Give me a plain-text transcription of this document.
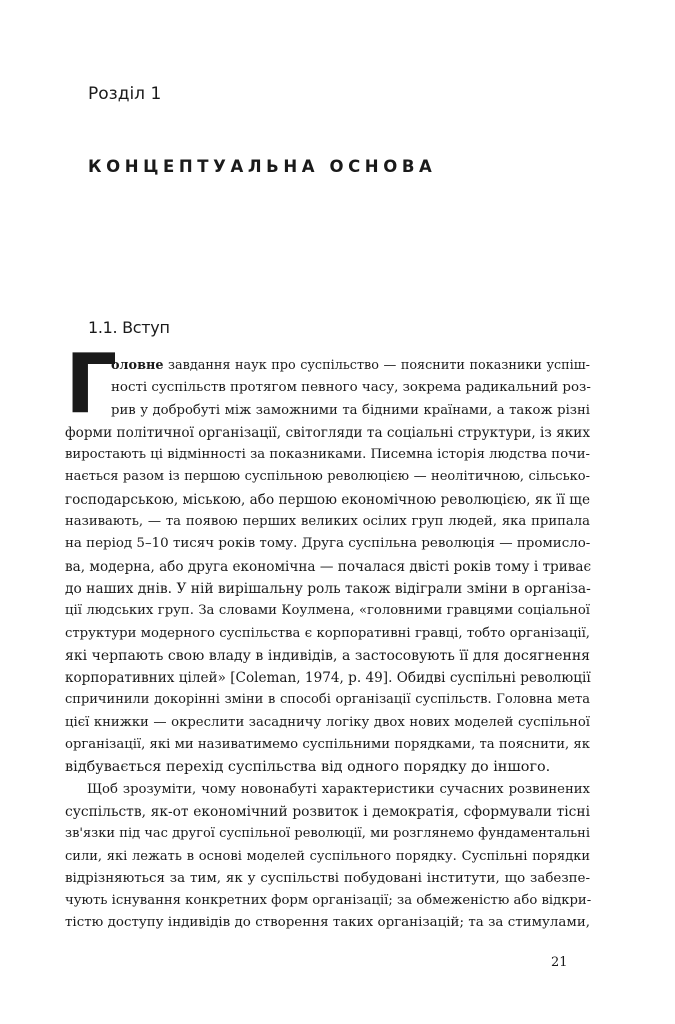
Розділ 1
КОНЦЕПТУАЛЬНА ОСНОВА
1.1. Вступ
Г
оловне завдання наук про суспільство — пояснити показники успіш-
ності суспільств протягом певного часу, зокрема радикальний роз-
рив у добробуті між заможними та бідними країнами, а також різні
форми політичної організації, світогляди та соціальні структури, із яких
виростають ці відмінності за показниками. Писемна історія людства почи-
нається разом із першою суспільною революцією — неолітичною, сільсько-
господарською, міською, або першою економічною революцією, як її ще
називають, — та появою перших великих осілих груп людей, яка припала
на період 5–10 тисяч років тому. Друга суспільна революція — промисло-
ва, модерна, або друга економічна — почалася двісті років тому і триває
до наших днів. У ній вирішальну роль також відіграли зміни в організа-
ції людських груп. За словами Коулмена, «головними гравцями соціальної
структури модерного суспільства є корпоративні гравці, тобто організації,
які черпають свою владу в індивідів, а застосовують її для досягнення
корпоративних цілей» [Coleman, 1974, p. 49]. Обидві суспільні революції
спричинили докорінні зміни в способі організації суспільств. Головна мета
цієї книжки — окреслити засадничу логіку двох нових моделей суспільної
організації, які ми називатимемо суспільними порядками, та пояснити, як
відбувається перехід суспільства від одного порядку до іншого.
Щоб зрозуміти, чому новонабуті характеристики сучасних розвинених
суспільств, як-от економічний розвиток і демократія, сформували тісні
зв'язки під час другої суспільної революції, ми розглянемо фундаментальні
сили, які лежать в основі моделей суспільного порядку. Суспільні порядки
відрізняються за тим, як у суспільстві побудовані інститути, що забезпе-
чують існування конкретних форм організації; за обмеженістю або відкри-
тістю доступу індивідів до створення таких організацій; та за стимулами,
21
